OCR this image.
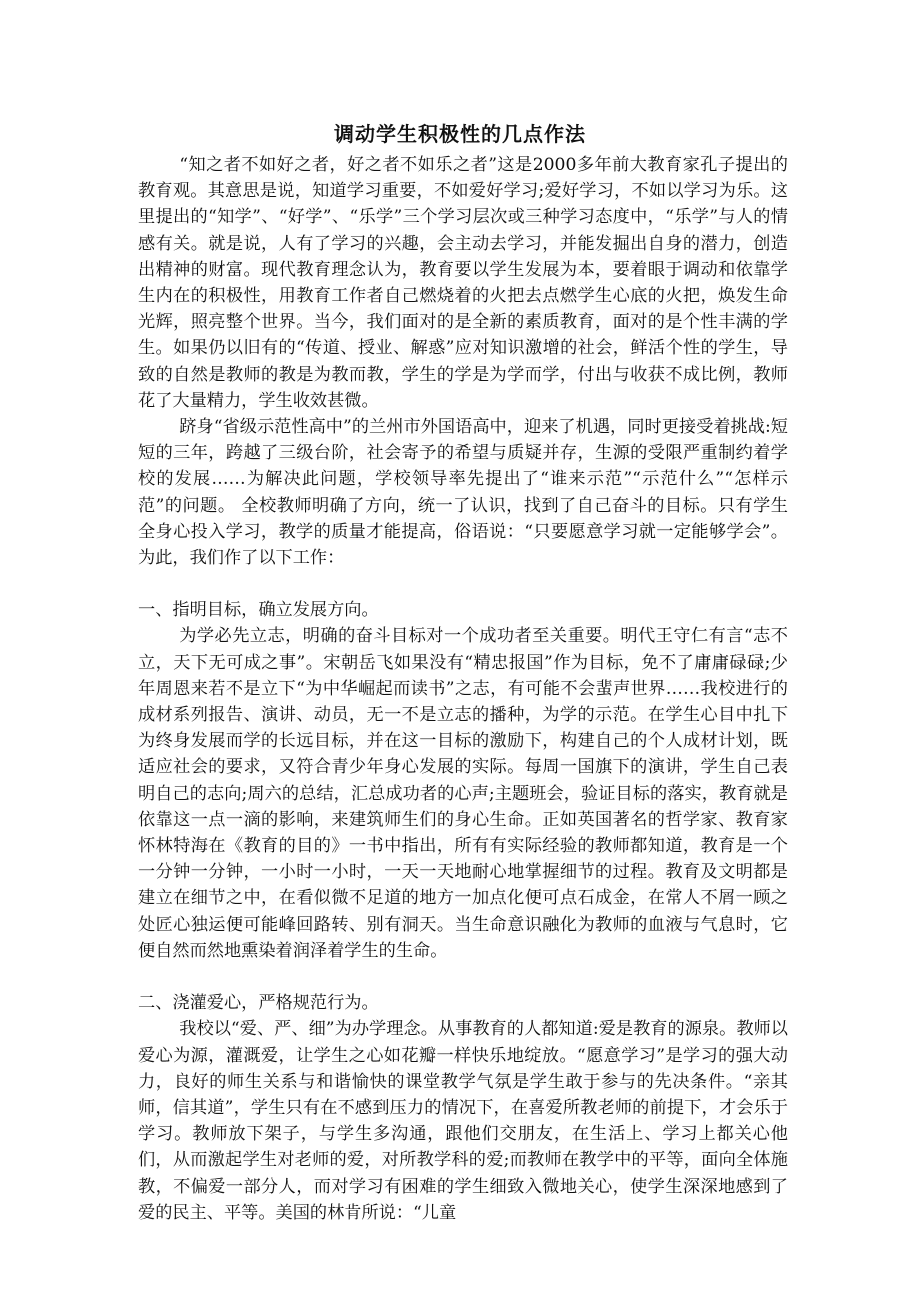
调动学生积极性的几点作法

“知之者不如好之者，好之者不如乐之者”这是2000多年前大教育家孔子提出的教育观。其意思是说，知道学习重要，不如爱好学习;爱好学习，不如以学习为乐。这里提出的“知学”、“好学”、“乐学”三个学习层次或三种学习态度中，“乐学”与人的情感有关。就是说，人有了学习的兴趣，会主动去学习，并能发掘出自身的潜力，创造出精神的财富。现代教育理念认为，教育要以学生发展为本，要着眼于调动和依靠学生内在的积极性，用教育工作者自己燃烧着的火把去点燃学生心底的火把，焕发生命光辉，照亮整个世界。当今，我们面对的是全新的素质教育，面对的是个性丰满的学生。如果仍以旧有的“传道、授业、解惑”应对知识激增的社会，鲜活个性的学生，导致的自然是教师的教是为教而教，学生的学是为学而学，付出与收获不成比例，教师花了大量精力，学生收效甚微。

跻身“省级示范性高中”的兰州市外国语高中，迎来了机遇，同时更接受着挑战:短短的三年，跨越了三级台阶，社会寄予的希望与质疑并存，生源的受限严重制约着学校的发展……为解决此问题，学校领导率先提出了“谁来示范”“示范什么”“怎样示范”的问题。 全校教师明确了方向，统一了认识，找到了自己奋斗的目标。只有学生全身心投入学习，教学的质量才能提高，俗语说：“只要愿意学习就一定能够学会”。为此，我们作了以下工作：

一、指明目标，确立发展方向。

为学必先立志，明确的奋斗目标对一个成功者至关重要。明代王守仁有言“志不立，天下无可成之事”。宋朝岳飞如果没有“精忠报国”作为目标，免不了庸庸碌碌;少年周恩来若不是立下“为中华崛起而读书”之志，有可能不会蜚声世界……我校进行的成材系列报告、演讲、动员，无一不是立志的播种，为学的示范。在学生心目中扎下为终身发展而学的长远目标，并在这一目标的激励下，构建自己的个人成材计划，既适应社会的要求，又符合青少年身心发展的实际。每周一国旗下的演讲，学生自己表明自己的志向;周六的总结，汇总成功者的心声;主题班会，验证目标的落实，教育就是依靠这一点一滴的影响，来建筑师生们的身心生命。正如英国著名的哲学家、教育家怀林特海在《教育的目的》一书中指出，所有有实际经验的教师都知道，教育是一个一分钟一分钟，一小时一小时，一天一天地耐心地掌握细节的过程。教育及文明都是建立在细节之中，在看似微不足道的地方一加点化便可点石成金，在常人不屑一顾之处匠心独运便可能峰回路转、别有洞天。当生命意识融化为教师的血液与气息时，它便自然而然地熏染着润泽着学生的生命。

二、浇灌爱心，严格规范行为。

我校以“爱、严、细”为办学理念。从事教育的人都知道:爱是教育的源泉。教师以爱心为源，灌溉爱，让学生之心如花瓣一样快乐地绽放。“愿意学习”是学习的强大动力，良好的师生关系与和谐愉快的课堂教学气氛是学生敢于参与的先决条件。“亲其师，信其道”，学生只有在不感到压力的情况下，在喜爱所教老师的前提下，才会乐于学习。教师放下架子，与学生多沟通，跟他们交朋友，在生活上、学习上都关心他们，从而激起学生对老师的爱，对所教学科的爱;而教师在教学中的平等，面向全体施教，不偏爱一部分人，而对学习有困难的学生细致入微地关心，使学生深深地感到了爱的民主、平等。美国的林肯所说：“儿童
